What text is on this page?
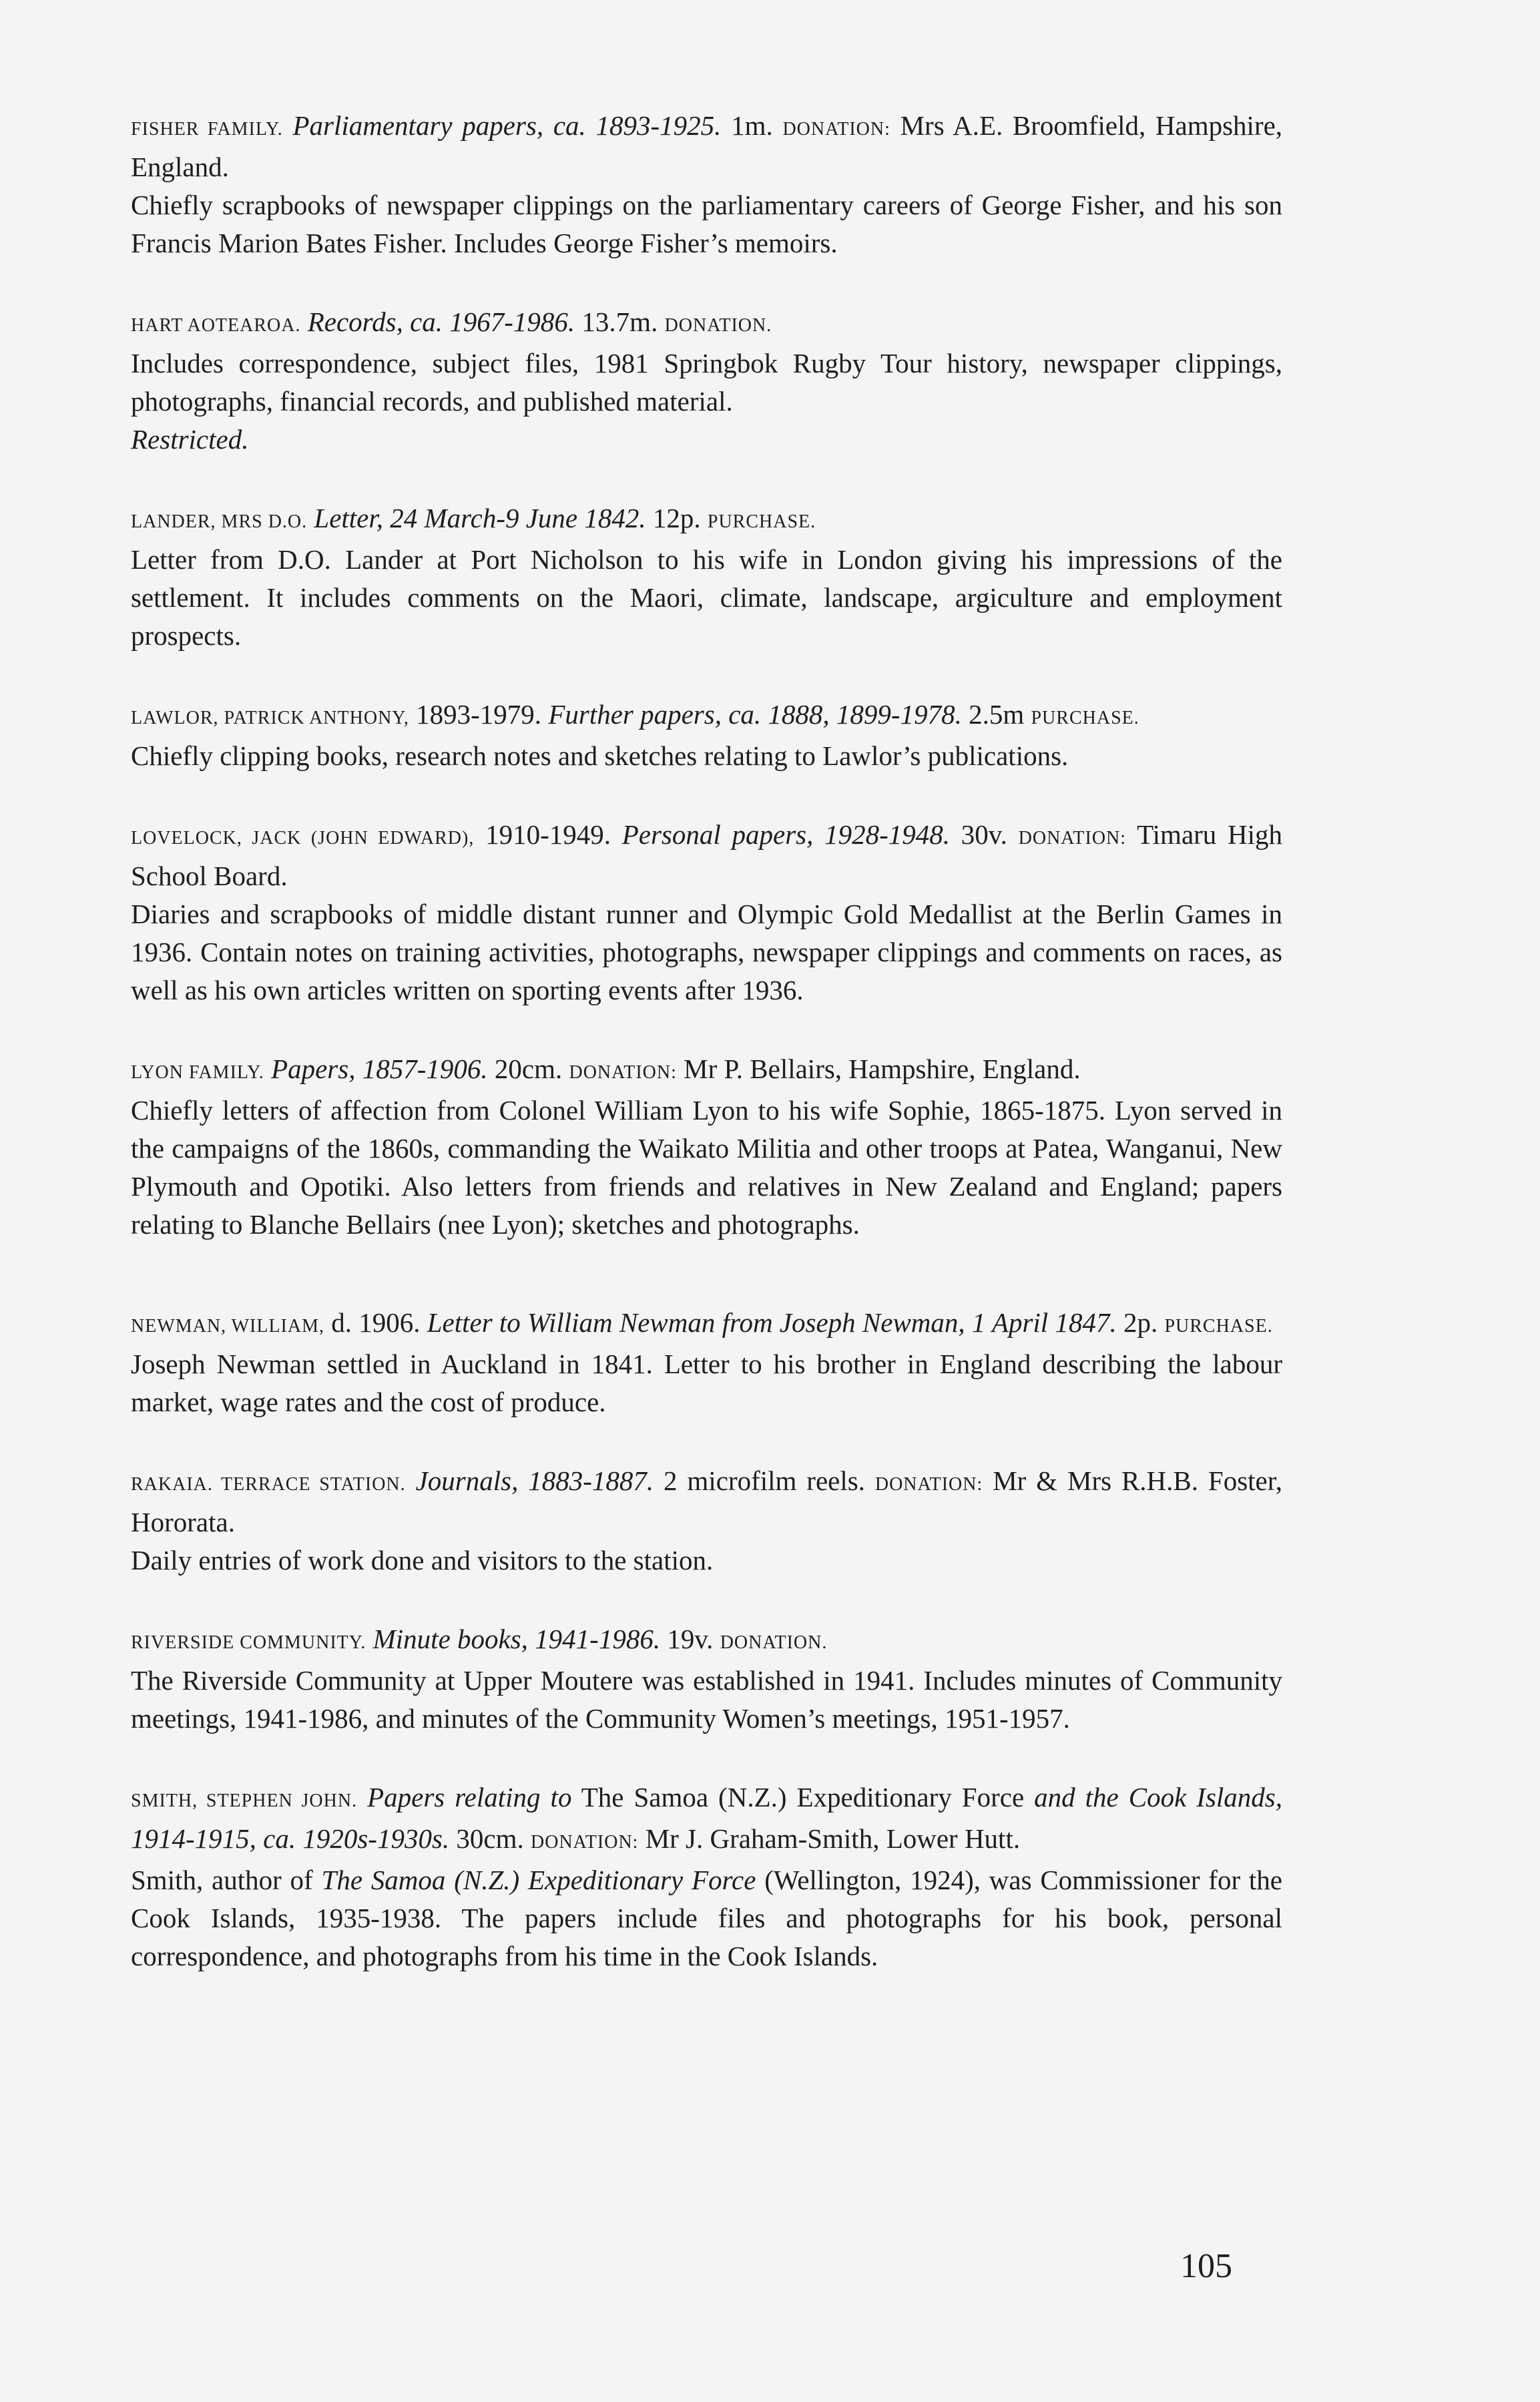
FISHER FAMILY. Parliamentary papers, ca. 1893-1925. 1m. DONATION: Mrs A.E. Broomfield, Hampshire, England.

Chiefly scrapbooks of newspaper clippings on the parliamentary careers of George Fisher, and his son Francis Marion Bates Fisher. Includes George Fisher’s memoirs.

HART AOTEAROA. Records, ca. 1967-1986. 13.7m. DONATION.

Includes correspondence, subject files, 1981 Springbok Rugby Tour history, newspaper clippings, photographs, financial records, and published material.

Restricted.

LANDER, MRS D.O. Letter, 24 March-9 June 1842. 12p. PURCHASE.

Letter from D.O. Lander at Port Nicholson to his wife in London giving his impressions of the settlement. It includes comments on the Maori, climate, landscape, argiculture and employment prospects.

LAWLOR, PATRICK ANTHONY, 1893-1979. Further papers, ca. 1888, 1899-1978. 2.5m PURCHASE.

Chiefly clipping books, research notes and sketches relating to Lawlor’s publications.

LOVELOCK, JACK (JOHN EDWARD), 1910-1949. Personal papers, 1928-1948. 30v. DONATION: Timaru High School Board.

Diaries and scrapbooks of middle distant runner and Olympic Gold Medallist at the Berlin Games in 1936. Contain notes on training activities, photographs, newspaper clippings and comments on races, as well as his own articles written on sporting events after 1936.

LYON FAMILY. Papers, 1857-1906. 20cm. DONATION: Mr P. Bellairs, Hampshire, England.

Chiefly letters of affection from Colonel William Lyon to his wife Sophie, 1865-1875. Lyon served in the campaigns of the 1860s, commanding the Waikato Militia and other troops at Patea, Wanganui, New Plymouth and Opotiki. Also letters from friends and relatives in New Zealand and England; papers relating to Blanche Bellairs (nee Lyon); sketches and photographs.

NEWMAN, WILLIAM, d. 1906. Letter to William Newman from Joseph Newman, 1 April 1847. 2p. PURCHASE.

Joseph Newman settled in Auckland in 1841. Letter to his brother in England describing the labour market, wage rates and the cost of produce.

RAKAIA. TERRACE STATION. Journals, 1883-1887. 2 microfilm reels. DONATION: Mr & Mrs R.H.B. Foster, Hororata.

Daily entries of work done and visitors to the station.

RIVERSIDE COMMUNITY. Minute books, 1941-1986. 19v. DONATION.

The Riverside Community at Upper Moutere was established in 1941. Includes minutes of Community meetings, 1941-1986, and minutes of the Community Women’s meetings, 1951-1957.

SMITH, STEPHEN JOHN. Papers relating to The Samoa (N.Z.) Expeditionary Force and the Cook Islands, 1914-1915, ca. 1920s-1930s. 30cm. DONATION: Mr J. Graham-Smith, Lower Hutt.

Smith, author of The Samoa (N.Z.) Expeditionary Force (Wellington, 1924), was Commissioner for the Cook Islands, 1935-1938. The papers include files and photographs for his book, personal correspondence, and photographs from his time in the Cook Islands.

105
